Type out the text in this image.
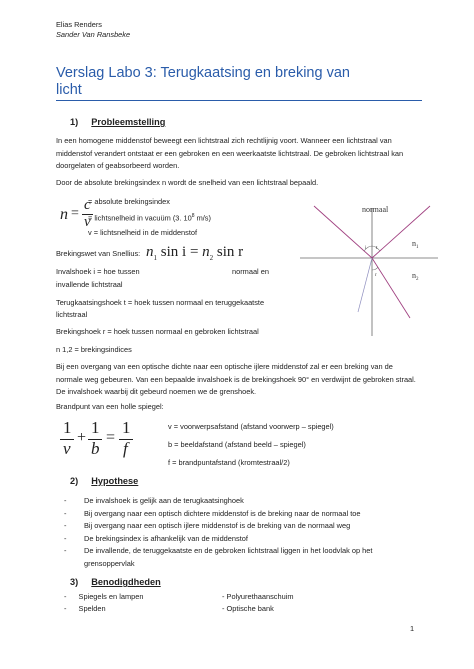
Elias Renders
Sander Van Ransbeke
Verslag Labo 3: Terugkaatsing en breking van
licht
1) Probleemstelling
In een homogene middenstof beweegt een lichtstraal zich rechtlijnig voort. Wanneer een lichtstraal van middenstof verandert ontstaat er een gebroken en een weerkaatste lichtstraal. De gebroken lichtstraal kan doorgelaten of geabsorbeerd worden.
Door de absolute brekingsindex n wordt de snelheid van een lichtstraal bepaald.
n =
c
v
= absolute brekingsindex
= lichtsnelheid in vacuüm (3. $10^8$ m/s)
v = lichtsnelheid in de middenstof
Brekingswet van Snellius: $n_1$ $\sin i = n_2$ sin r
Invalshoek i = hoe tussen	normaal en
invallende lichtstraal
Terugkaatsingshoek t = hoek tussen normaal en teruggekaatste
lichtstraal
Brekingshoek r = hoek tussen normaal en gebroken lichtstraal
n 1,2 = brekingsindices
normaal
$n_1$
$n_2$
i t
r
Bij een overgang van een optische dichte naar een optische ijlere middenstof zal er een breking van de normale weg gebeuren. Van een bepaalde invalshoek is de brekingshoek 90° en verdwijnt de gebroken straal. De invalshoek waarbij dit gebeurd noemen we de grenshoek.
Brandpunt van een holle spiegel:
1
v
+
1
b
=
1
f
v = voorwerpsafstand (afstand voorwerp – spiegel)
b = beeldafstand (afstand beeld – spiegel)
f = brandpuntafstand (kromtestraal/2)
2) Hypothese
- De invalshoek is gelijk aan de terugkaatsinghoek
- Bij overgang naar een optisch dichtere middenstof is de breking naar de normaal toe
- Bij overgang naar een optisch ijlere middenstof is de breking van de normaal weg
- De brekingsindex is afhankelijk van de middenstof
- De invallende, de teruggekaatste en de gebroken lichtstraal liggen in het loodvlak op het
grensoppervlak
3) Benodigdheden
- Spiegels en lampen
- Spelden
- Polyurethaanschuim
- Optische bank
1
